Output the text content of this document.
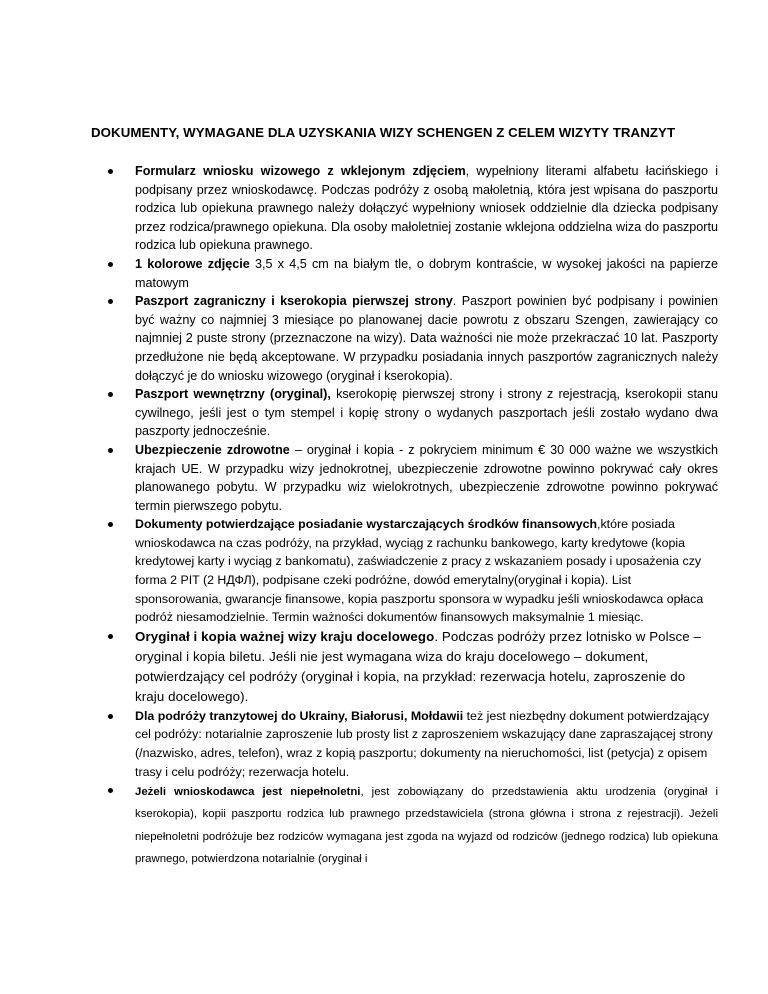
DOKUMENTY, WYMAGANE DLA UZYSKANIA WIZY SCHENGEN Z CELEM WIZYTY TRANZYT
Formularz wniosku wizowego z wklejonym zdjęciem, wypełniony literami alfabetu łacińskiego i podpisany przez wnioskodawcę. Podczas podróży z osobą małoletnią, która jest wpisana do paszportu rodzica lub opiekuna prawnego należy dołączyć wypełniony wniosek oddzielnie dla dziecka podpisany przez rodzica/prawnego opiekuna. Dla osoby małoletniej zostanie wklejona oddzielna wiza do paszportu rodzica lub opiekuna prawnego.
1 kolorowe zdjęcie 3,5 x 4,5 cm na białym tle, o dobrym kontraście, w wysokej jakości na papierze matowym
Paszport zagraniczny i kserokopia pierwszej strony. Paszport powinien być podpisany i powinien być ważny co najmniej 3 miesiące po planowanej dacie powrotu z obszaru Szengen, zawierający co najmniej 2 puste strony (przeznaczone na wizy). Data ważności nie może przekraczać 10 lat. Paszporty przedłużone nie będą akceptowane. W przypadku posiadania innych paszportów zagranicznych należy dołączyć je do wniosku wizowego (oryginał i kserokopia).
Paszport wewnętrzny (oryginal), kserokopię pierwszej strony i strony z rejestracją, kserokopii stanu cywilnego, jeśli jest o tym stempel i kopię strony o wydanych paszportach jeśli zostało wydano dwa paszporty jednocześnie.
Ubezpieczenie zdrowotne – oryginał i kopia - z pokryciem minimum € 30 000 ważne we wszystkich krajach UE. W przypadku wizy jednokrotnej, ubezpieczenie zdrowotne powinno pokrywać cały okres planowanego pobytu. W przypadku wiz wielokrotnych, ubezpieczenie zdrowotne powinno pokrywać termin pierwszego pobytu.
Dokumenty potwierdzające posiadanie wystarczających środków finansowych,które posiada wnioskodawca na czas podróży, na przykład, wyciąg z rachunku bankowego, karty kredytowe (kopia kredytowej karty i wyciąg z bankomatu), zaświadczenie z pracy z wskazaniem posady i uposażenia czy forma 2 PIT (2 НДФЛ), podpisane czeki podróżne, dowód emerytalny(oryginał i kopia). List sponsorowania, gwarancje finansowe, kopia paszportu sponsora w wypadku jeśli wnioskodawca opłaca podróż niesamodzielnie. Termin ważności dokumentów finansowych maksymalnie 1 miesiąc.
Oryginał i kopia ważnej wizy kraju docelowego. Podczas podróży przez lotnisko w Polsce –oryginal i kopia biletu. Jeśli nie jest wymagana wiza do kraju docelowego – dokument, potwierdzający cel podróży (oryginał i kopia, na przykład: rezerwacja hotelu, zaproszenie do kraju docelowego).
Dla podróży tranzytowej do Ukrainy, Białorusi, Mołdawii też jest niezbędny dokument potwierdzający cel podróży: notarialnie zaproszenie lub prosty list z zaproszeniem wskazujący dane zapraszającej strony (/nazwisko, adres, telefon), wraz z kopią paszportu; dokumenty na nieruchomości, list (petycja) z opisem trasy i celu podróży; rezerwacja hotelu.
Jeżeli wnioskodawca jest niepełnoletni, jest zobowiązany do przedstawienia aktu urodzenia (oryginał i kserokopia), kopii paszportu rodzica lub prawnego przedstawiciela (strona główna i strona z rejestracji). Jeżeli niepełnoletni podróżuje bez rodziców wymagana jest zgoda na wyjazd od rodziców (jednego rodzica) lub opiekuna prawnego, potwierdzona notarialnie (oryginał i
